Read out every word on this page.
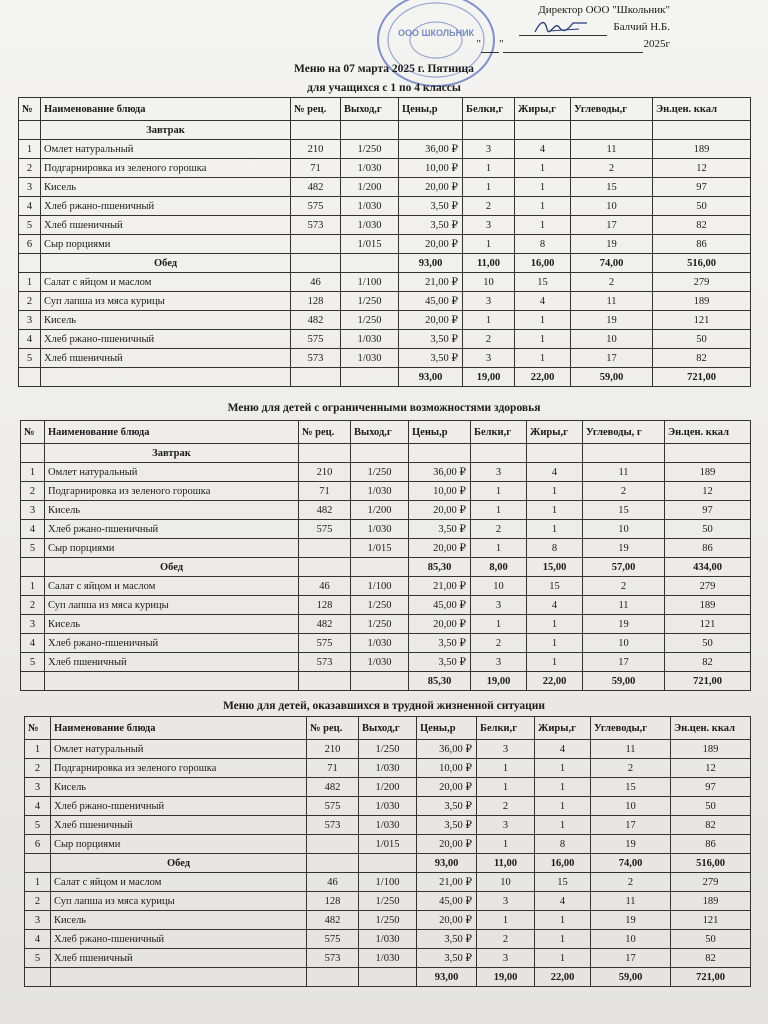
ООО ШКОЛЬНИК
· · · · · · · · ·
Директор ООО "Школьник"
Балчий Н.Б.
" "	2025г
Меню на 07 марта 2025 г. Пятница
для учащихся с 1 по 4 классы
№	Наименование блюда	№ рец.	Выход,г	Цены,р	Белки,г	Жиры,г	Углеводы,г	Эн.цен. ккал
	Завтрак							
1	Омлет натуральный	210	1/250	36,00 ₽	3	4	11	189
2	Подгарнировка из зеленого горошка	71	1/030	10,00 ₽	1	1	2	12
3	Кисель	482	1/200	20,00 ₽	1	1	15	97
4	Хлеб ржано-пшеничный	575	1/030	3,50 ₽	2	1	10	50
5	Хлеб пшеничный	573	1/030	3,50 ₽	3	1	17	82
6	Сыр порциями		1/015	20,00 ₽	1	8	19	86
	Обед			93,00	11,00	16,00	74,00	516,00
1	Салат с яйцом и маслом	46	1/100	21,00 ₽	10	15	2	279
2	Суп лапша из мяса курицы	128	1/250	45,00 ₽	3	4	11	189
3	Кисель	482	1/250	20,00 ₽	1	1	19	121
4	Хлеб ржано-пшеничный	575	1/030	3,50 ₽	2	1	10	50
5	Хлеб пшеничный	573	1/030	3,50 ₽	3	1	17	82
				93,00	19,00	22,00	59,00	721,00
Меню для детей с ограниченными возможностями здоровья
№	Наименование блюда	№ рец.	Выход,г	Цены,р	Белки,г	Жиры,г	Углеводы, г	Эн.цен. ккал
	Завтрак							
1	Омлет натуральный	210	1/250	36,00 ₽	3	4	11	189
2	Подгарнировка из зеленого горошка	71	1/030	10,00 ₽	1	1	2	12
3	Кисель	482	1/200	20,00 ₽	1	1	15	97
4	Хлеб ржано-пшеничный	575	1/030	3,50 ₽	2	1	10	50
5	Сыр порциями		1/015	20,00 ₽	1	8	19	86
	Обед			85,30	8,00	15,00	57,00	434,00
1	Салат с яйцом и маслом	46	1/100	21,00 ₽	10	15	2	279
2	Суп лапша из мяса курицы	128	1/250	45,00 ₽	3	4	11	189
3	Кисель	482	1/250	20,00 ₽	1	1	19	121
4	Хлеб ржано-пшеничный	575	1/030	3,50 ₽	2	1	10	50
5	Хлеб пшеничный	573	1/030	3,50 ₽	3	1	17	82
				85,30	19,00	22,00	59,00	721,00
Меню для детей, оказавшихся в трудной жизненной ситуации
№	Наименование блюда	№ рец.	Выход,г	Цены,р	Белки,г	Жиры,г	Углеводы,г	Эн.цен. ккал
1	Омлет натуральный	210	1/250	36,00 ₽	3	4	11	189
2	Подгарнировка из зеленого горошка	71	1/030	10,00 ₽	1	1	2	12
3	Кисель	482	1/200	20,00 ₽	1	1	15	97
4	Хлеб ржано-пшеничный	575	1/030	3,50 ₽	2	1	10	50
5	Хлеб пшеничный	573	1/030	3,50 ₽	3	1	17	82
6	Сыр порциями		1/015	20,00 ₽	1	8	19	86
	Обед			93,00	11,00	16,00	74,00	516,00
1	Салат с яйцом и маслом	46	1/100	21,00 ₽	10	15	2	279
2	Суп лапша из мяса курицы	128	1/250	45,00 ₽	3	4	11	189
3	Кисель	482	1/250	20,00 ₽	1	1	19	121
4	Хлеб ржано-пшеничный	575	1/030	3,50 ₽	2	1	10	50
5	Хлеб пшеничный	573	1/030	3,50 ₽	3	1	17	82
				93,00	19,00	22,00	59,00	721,00
